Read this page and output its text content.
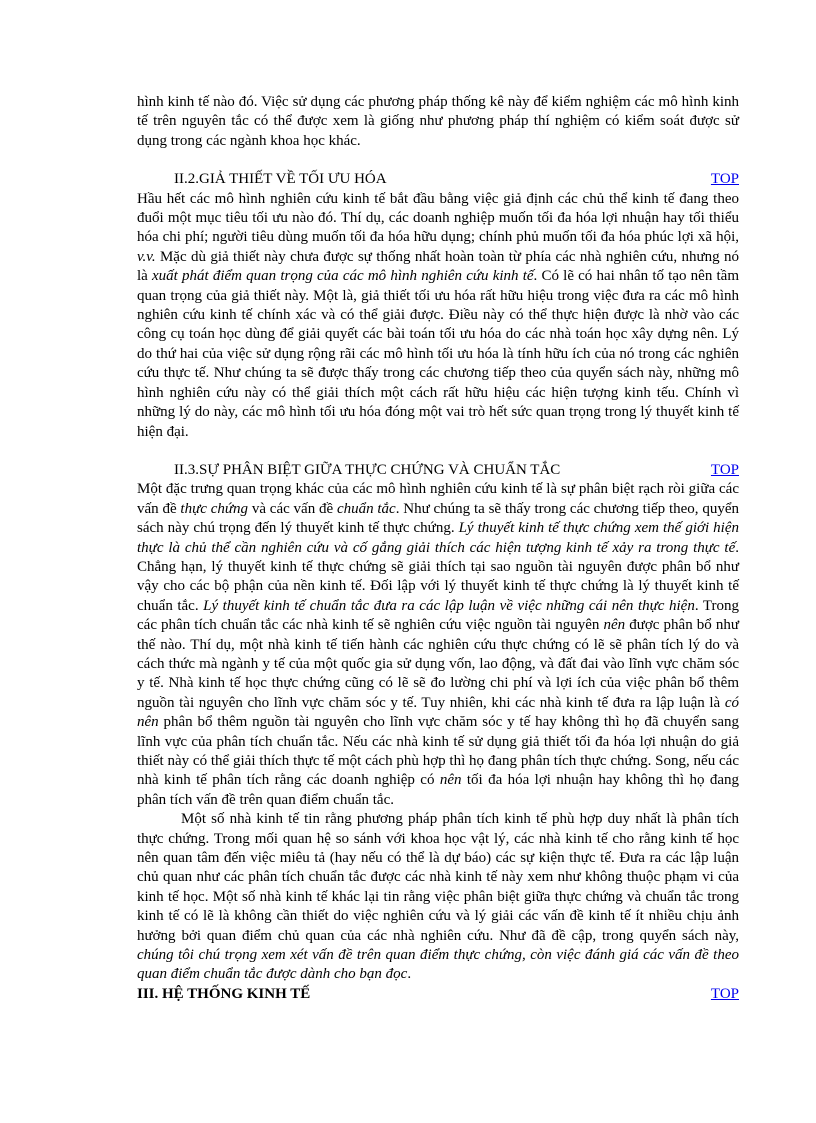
hình kinh tế nào đó. Việc sử dụng các phương pháp thống kê này để kiểm nghiệm các mô hình kinh tế trên nguyên tắc có thể được xem là giống như phương pháp thí nghiệm có kiểm soát được sử dụng trong các ngành khoa học khác.

II.2.GIẢ THIẾT VỀ TỐI ƯU HÓA	TOP

Hầu hết các mô hình nghiên cứu kinh tế bắt đầu bằng việc giả định các chủ thể kinh tế đang theo đuổi một mục tiêu tối ưu nào đó. Thí dụ, các doanh nghiệp muốn tối đa hóa lợi nhuận hay tối thiểu hóa chi phí; người tiêu dùng muốn tối đa hóa hữu dụng; chính phủ muốn tối đa hóa phúc lợi xã hội, v.v. Mặc dù giả thiết này chưa được sự thống nhất hoàn toàn từ phía các nhà nghiên cứu, nhưng nó là xuất phát điểm quan trọng của các mô hình nghiên cứu kinh tế. Có lẽ có hai nhân tố tạo nên tầm quan trọng của giả thiết này. Một là, giả thiết tối ưu hóa rất hữu hiệu trong việc đưa ra các mô hình nghiên cứu kinh tế chính xác và có thể giải được. Điều này có thể thực hiện được là nhờ vào các công cụ toán học dùng để giải quyết các bài toán tối ưu hóa do các nhà toán học xây dựng nên. Lý do thứ hai của việc sử dụng rộng rãi các mô hình tối ưu hóa là tính hữu ích của nó trong các nghiên cứu thực tế. Như chúng ta sẽ được thấy trong các chương tiếp theo của quyển sách này, những mô hình nghiên cứu này có thể giải thích một cách rất hữu hiệu các hiện tượng kinh tếu. Chính vì những lý do này, các mô hình tối ưu hóa đóng một vai trò hết sức quan trọng trong lý thuyết kinh tế hiện đại.

II.3.SỰ PHÂN BIỆT GIỮA THỰC CHỨNG VÀ CHUẨN TẮC	TOP

Một đặc trưng quan trọng khác của các mô hình nghiên cứu kinh tế là sự phân biệt rạch ròi giữa các vấn đề thực chứng và các vấn đề chuẩn tắc. Như chúng ta sẽ thấy trong các chương tiếp theo, quyển sách này chú trọng đến lý thuyết kinh tế thực chứng. Lý thuyết kinh tế thực chứng xem thế giới hiện thực là chủ thể cần nghiên cứu và cố gắng giải thích các hiện tượng kinh tế xảy ra trong thực tế. Chẳng hạn, lý thuyết kinh tế thực chứng sẽ giải thích tại sao nguồn tài nguyên được phân bổ như vậy cho các bộ phận của nền kinh tế. Đối lập với lý thuyết kinh tế thực chứng là lý thuyết kinh tế chuẩn tắc. Lý thuyết kinh tế chuẩn tắc đưa ra các lập luận về việc những cái nên thực hiện. Trong các phân tích chuẩn tắc các nhà kinh tế sẽ nghiên cứu việc nguồn tài nguyên nên được phân bổ như thế nào. Thí dụ, một nhà kinh tế tiến hành các nghiên cứu thực chứng có lẽ sẽ phân tích lý do và cách thức mà ngành y tế của một quốc gia sử dụng vốn, lao động, và đất đai vào lĩnh vực chăm sóc y tế. Nhà kinh tế học thực chứng cũng có lẽ sẽ đo lường chi phí và lợi ích của việc phân bổ thêm nguồn tài nguyên cho lĩnh vực chăm sóc y tế. Tuy nhiên, khi các nhà kinh tế đưa ra lập luận là có nên phân bổ thêm nguồn tài nguyên cho lĩnh vực chăm sóc y tế hay không thì họ đã chuyển sang lĩnh vực của phân tích chuẩn tắc. Nếu các nhà kinh tế sử dụng giả thiết tối đa hóa lợi nhuận do giả thiết này có thể giải thích thực tế một cách phù hợp thì họ đang phân tích thực chứng. Song, nếu các nhà kinh tế phân tích rằng các doanh nghiệp có nên tối đa hóa lợi nhuận hay không thì họ đang phân tích vấn đề trên quan điểm chuẩn tắc.

Một số nhà kinh tế tin rằng phương pháp phân tích kinh tế phù hợp duy nhất là phân tích thực chứng. Trong mối quan hệ so sánh với khoa học vật lý, các nhà kinh tế cho rằng kinh tế học nên quan tâm đến việc miêu tả (hay nếu có thể là dự báo) các sự kiện thực tế. Đưa ra các lập luận chủ quan như các phân tích chuẩn tắc được các nhà kinh tế này xem như không thuộc phạm vi của kinh tế học. Một số nhà kinh tế khác lại tin rằng việc phân biệt giữa thực chứng và chuẩn tắc trong kinh tế có lẽ là không cần thiết do việc nghiên cứu và lý giải các vấn đề kinh tế ít nhiều chịu ảnh hưởng bởi quan điểm chủ quan của các nhà nghiên cứu. Như đã đề cập, trong quyển sách này, chúng tôi chú trọng xem xét vấn đề trên quan điểm thực chứng, còn việc đánh giá các vấn đề theo quan điểm chuẩn tắc được dành cho bạn đọc.

III. HỆ THỐNG KINH TẾ	TOP
